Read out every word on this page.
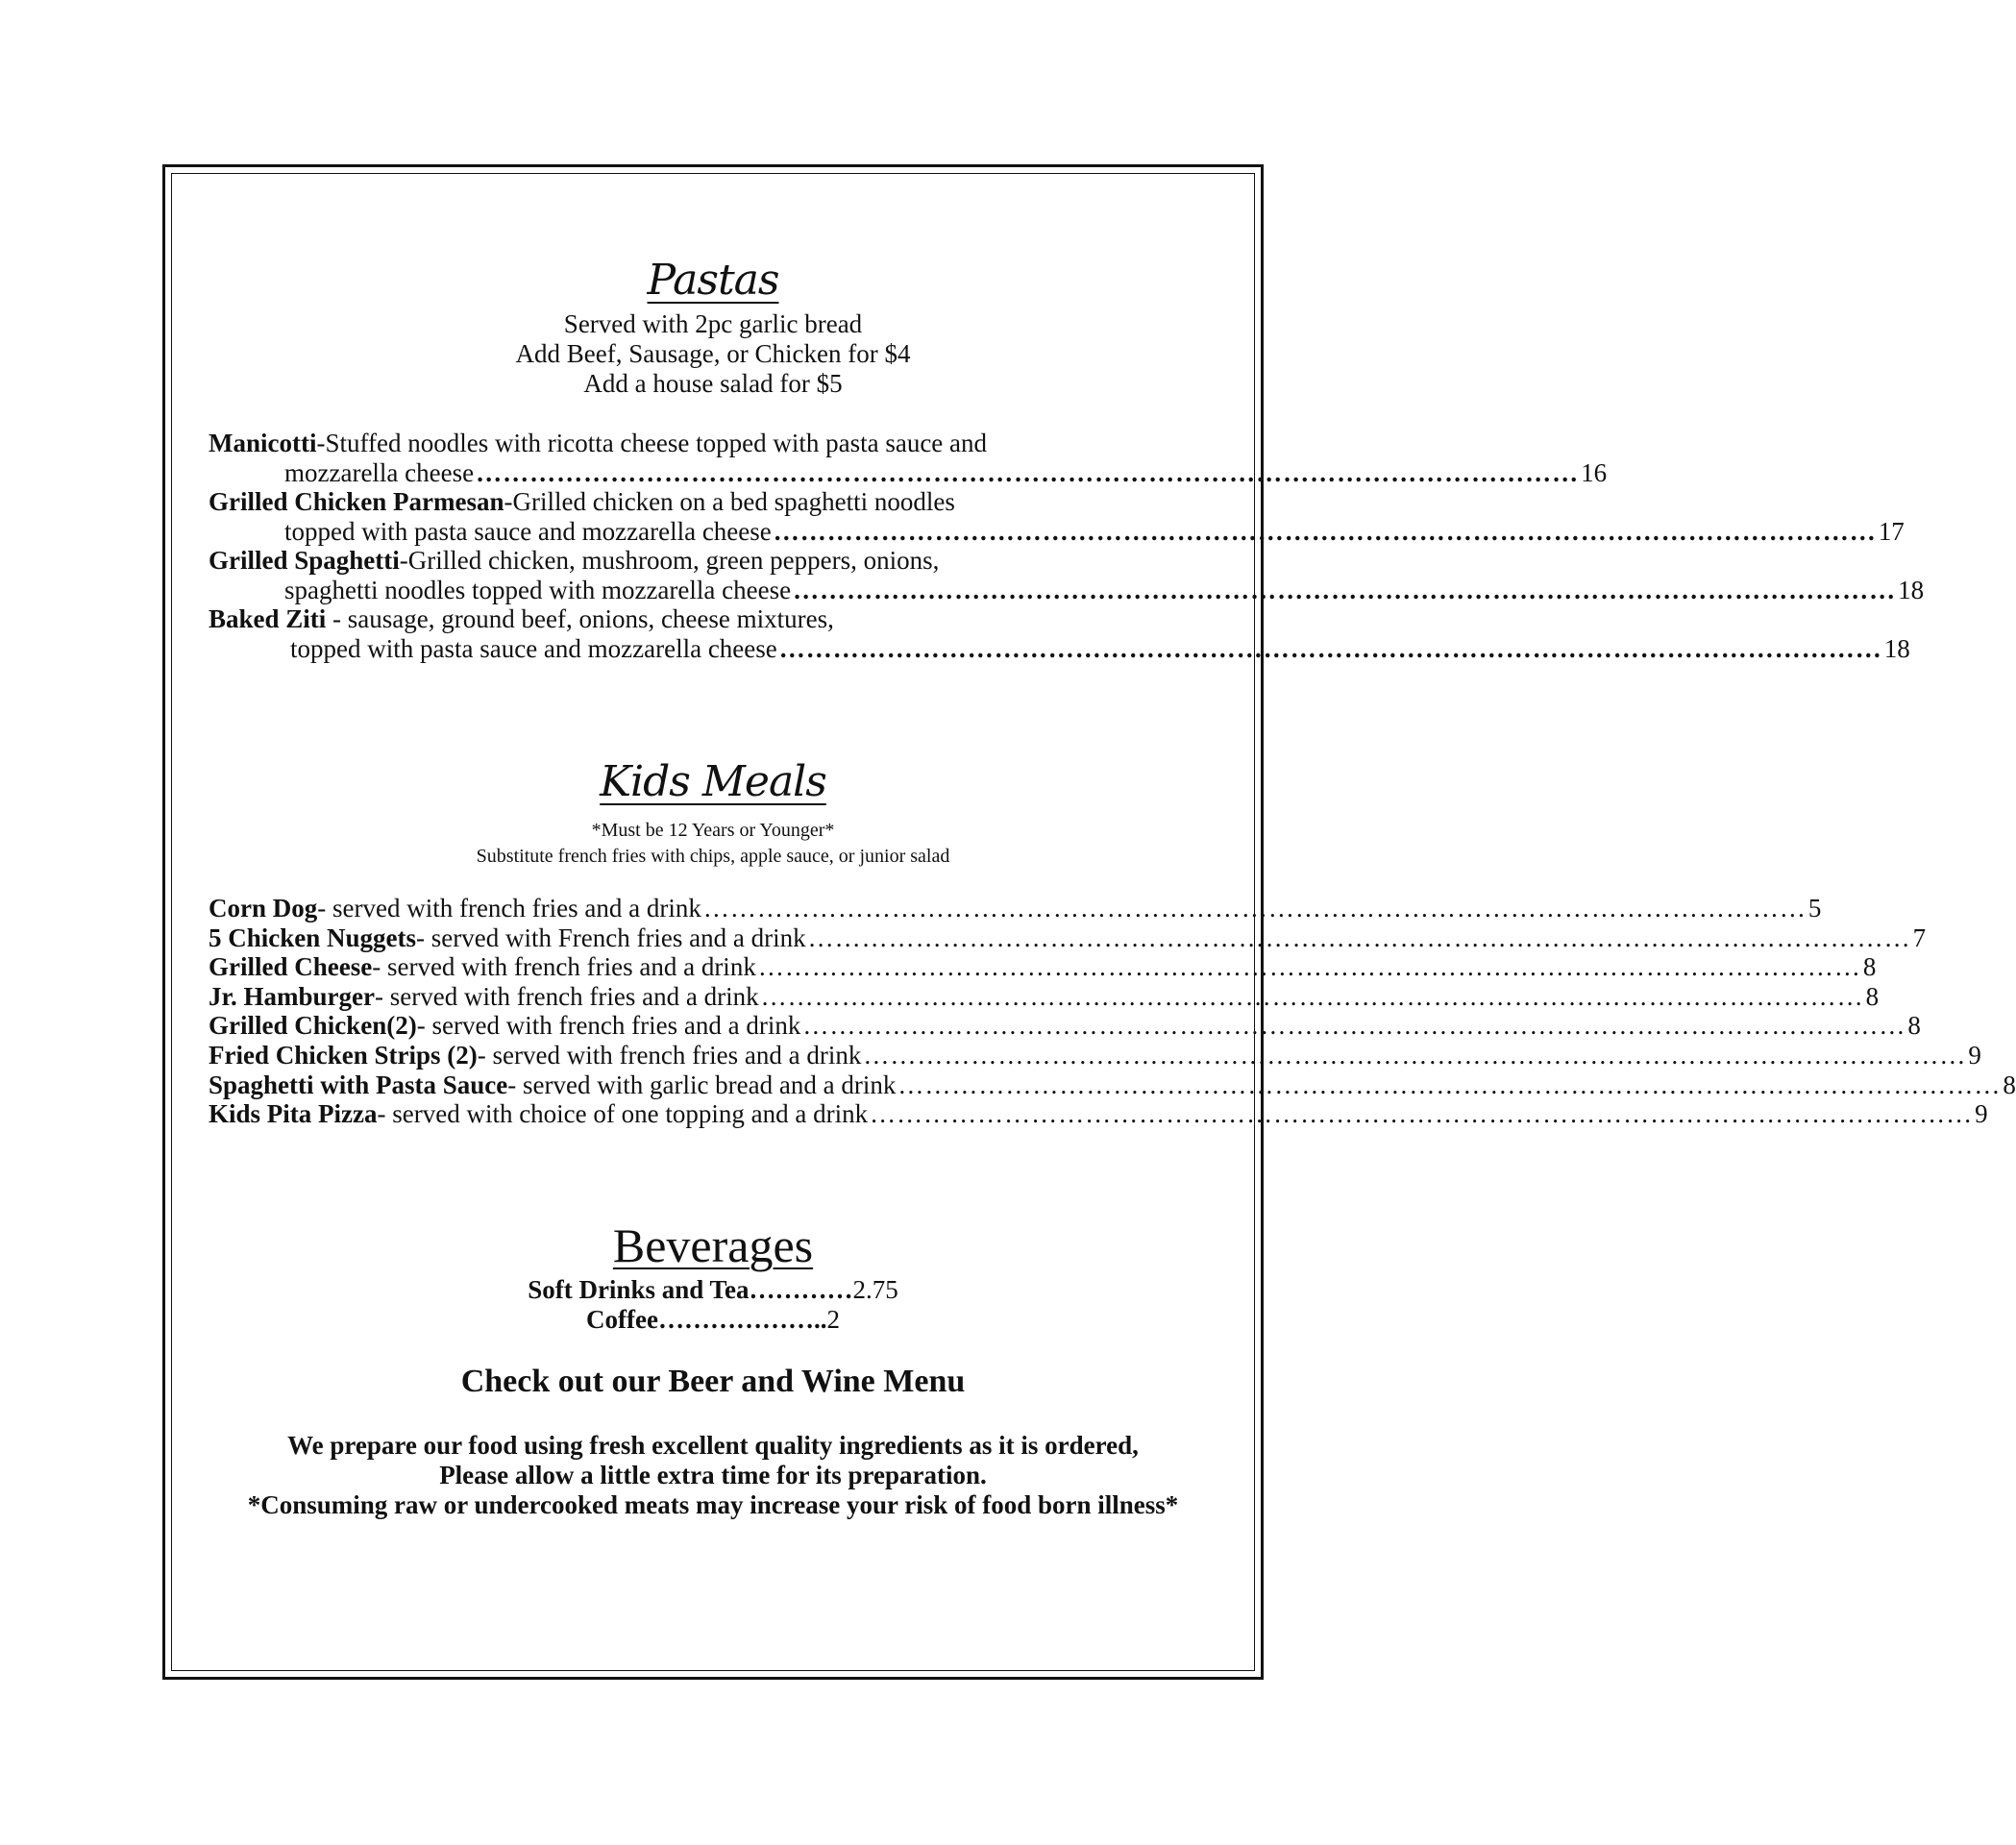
Pastas
Served with 2pc garlic bread
Add Beef, Sausage, or Chicken for $4
Add a house salad for $5
Manicotti-Stuffed noodles with ricotta cheese topped with pasta sauce and
mozzarella cheese …………………………………………………………………………………………………………… 16
Grilled Chicken Parmesan-Grilled chicken on a bed spaghetti noodles
topped with pasta sauce and mozzarella cheese …………………………………………………………………………………………………………… 17
Grilled Spaghetti-Grilled chicken, mushroom, green peppers, onions,
spaghetti noodles topped with mozzarella cheese …………………………………………………………………………………………………………… 18
Baked Ziti - sausage, ground beef, onions, cheese mixtures,
topped with pasta sauce and mozzarella cheese …………………………………………………………………………………………………………… 18
Kids Meals
*Must be 12 Years or Younger*
Substitute french fries with chips, apple sauce, or junior salad
Corn Dog - served with french fries and a drink …………………………………………………………………………………………………………… 5
5 Chicken Nuggets - served with French fries and a drink …………………………………………………………………………………………………………… 7
Grilled Cheese - served with french fries and a drink …………………………………………………………………………………………………………… 8
Jr. Hamburger - served with french fries and a drink …………………………………………………………………………………………………………… 8
Grilled Chicken(2) - served with french fries and a drink …………………………………………………………………………………………………………… 8
Fried Chicken Strips (2) - served with french fries and a drink …………………………………………………………………………………………………………… 9
Spaghetti with Pasta Sauce - served with garlic bread and a drink …………………………………………………………………………………………………………… 8
Kids Pita Pizza - served with choice of one topping and a drink …………………………………………………………………………………………………………… 9
Beverages
Soft Drinks and Tea…………2.75
Coffee………………..2
Check out our Beer and Wine Menu
We prepare our food using fresh excellent quality ingredients as it is ordered,
Please allow a little extra time for its preparation.
*Consuming raw or undercooked meats may increase your risk of food born illness*
